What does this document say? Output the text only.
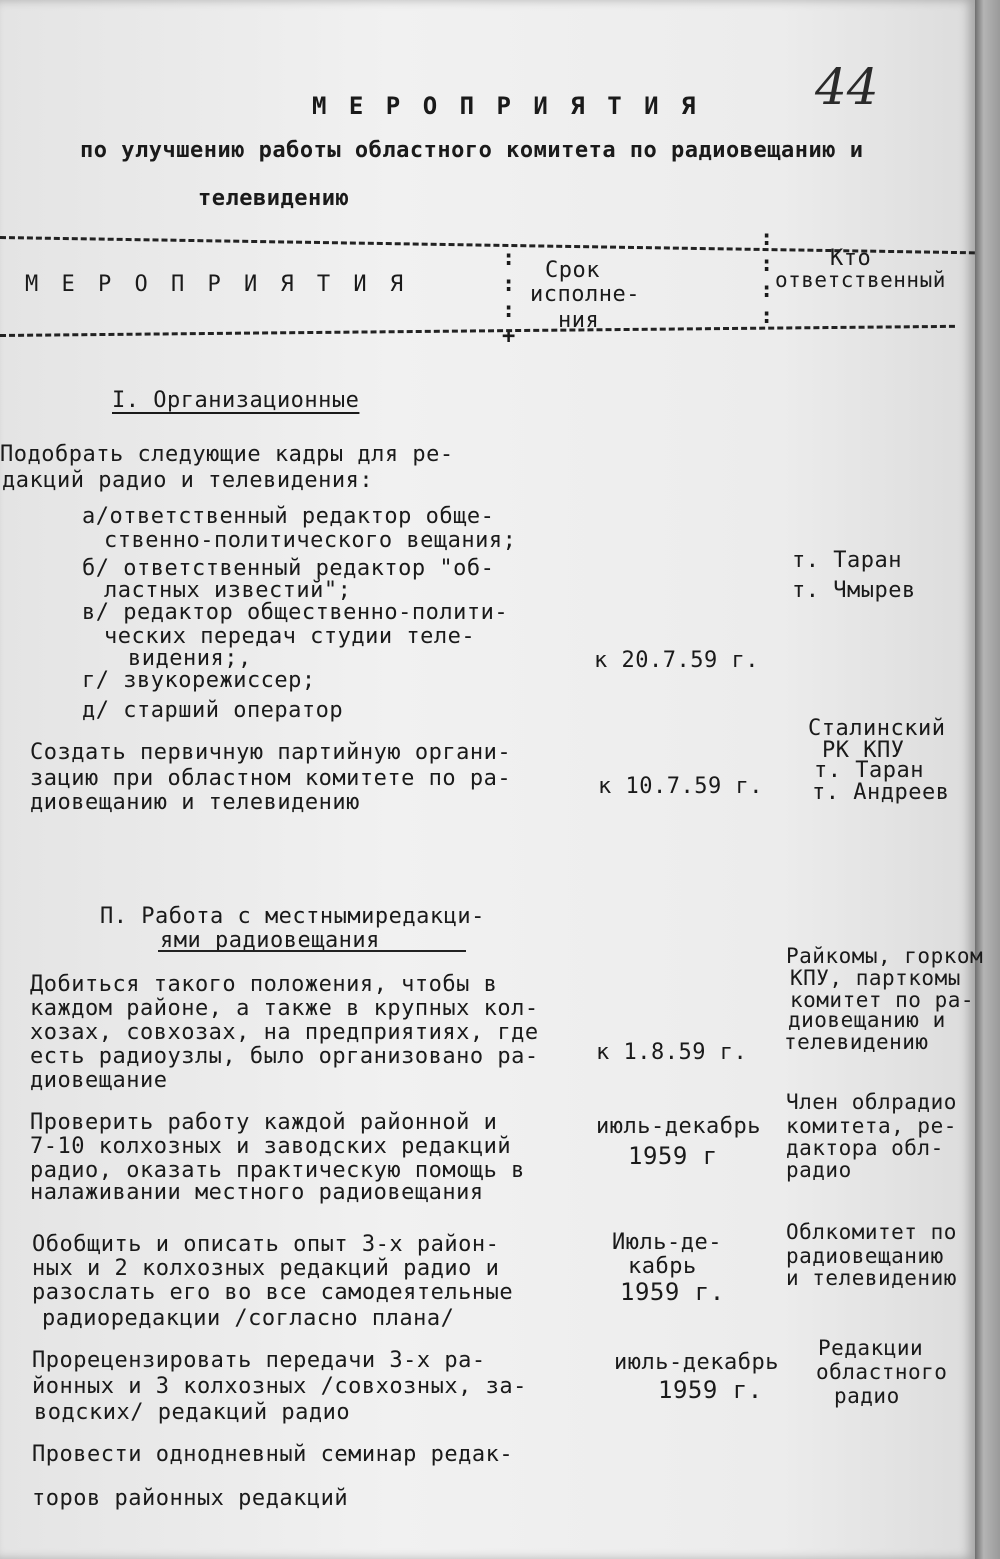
44
М Е Р О П Р И Я Т И Я
по улучшению работы областного комитета по радиовещанию и
телевидению
М Е Р О П Р И Я Т И Я
:
:
:
+
Срок
исполне-
ния
:
:
:
:
Кто
ответственный
I. Организационные
Подобрать следующие кадры для ре-
дакций радио и телевидения:
а/ответственный редактор обще-
ственно-политического вещания;
б/ ответственный редактор "об-
ластных известий";
в/ редактор общественно-полити-
ческих передач студии теле-
видения;,
г/ звукорежиссер;
д/ старший оператор
к 20.7.59 г.
т. Таран
т. Чмырев
Создать первичную партийную органи-
зацию при областном комитете по ра-
диовещанию и телевидению
к 10.7.59 г.
Сталинский
РК КПУ
т. Таран
т. Андреев
П. Работа с местнымиредакци-
ями радиовещания
Добиться такого положения, чтобы в
каждом районе, а также в крупных кол-
хозах, совхозах, на предприятиях, где
есть радиоузлы, было организовано ра-
диовещание
к 1.8.59 г.
Райкомы, горком
КПУ, парткомы
комитет по ра-
диовещанию и
телевидению
Проверить работу каждой районной и
7-10 колхозных и заводских редакций
радио, оказать практическую помощь в
налаживании местного радиовещания
июль-декабрь
1959 г
Член облрадио
комитета, ре-
дактора обл-
радио
Обобщить и описать опыт 3-х район-
ных и 2 колхозных редакций радио и
разослать его во все самодеятельные
радиоредакции /согласно плана/
Июль-де-
кабрь
1959 г.
Облкомитет по
радиовещанию
и телевидению
Прорецензировать передачи 3-х ра-
йонных и 3 колхозных /совхозных, за-
водских/ редакций радио
июль-декабрь
1959 г.
Редакции
областного
радио
Провести однодневный семинар редак-
торов районных редакций
